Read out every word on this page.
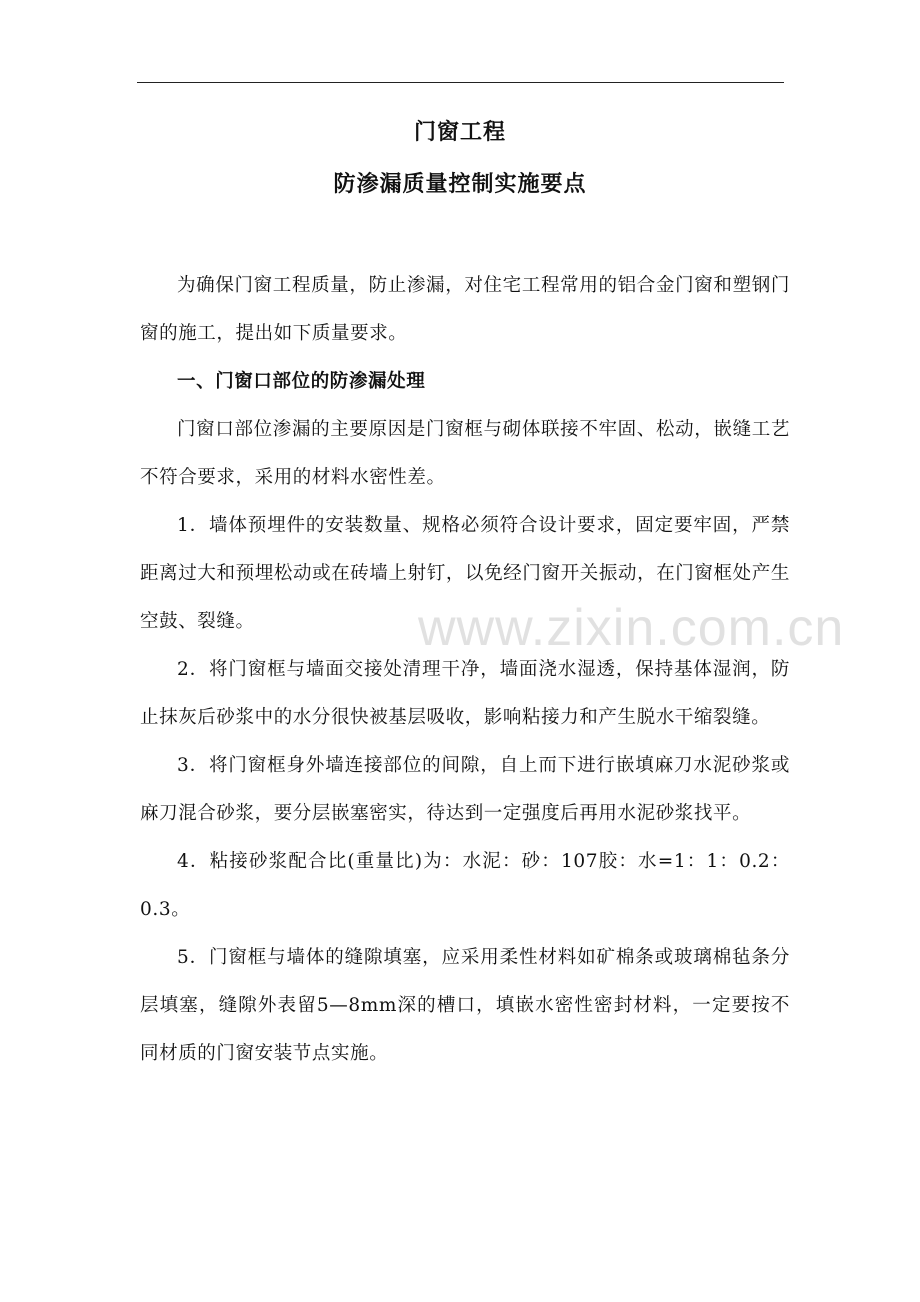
门窗工程
防渗漏质量控制实施要点

为确保门窗工程质量，防止渗漏，对住宅工程常用的铝合金门窗和塑钢门窗的施工，提出如下质量要求。

一、门窗口部位的防渗漏处理

门窗口部位渗漏的主要原因是门窗框与砌体联接不牢固、松动，嵌缝工艺不符合要求，采用的材料水密性差。

1．墙体预埋件的安装数量、规格必须符合设计要求，固定要牢固，严禁距离过大和预埋松动或在砖墙上射钉，以免经门窗开关振动，在门窗框处产生空鼓、裂缝。

2．将门窗框与墙面交接处清理干净，墙面浇水湿透，保持基体湿润，防止抹灰后砂浆中的水分很快被基层吸收，影响粘接力和产生脱水干缩裂缝。

3．将门窗框身外墙连接部位的间隙，自上而下进行嵌填麻刀水泥砂浆或麻刀混合砂浆，要分层嵌塞密实，待达到一定强度后再用水泥砂浆找平。

4．粘接砂浆配合比(重量比)为：水泥：砂：107胶：水=1：1：0.2：0.3。

5．门窗框与墙体的缝隙填塞，应采用柔性材料如矿棉条或玻璃棉毡条分层填塞，缝隙外表留5—8mm深的槽口，填嵌水密性密封材料，一定要按不同材质的门窗安装节点实施。

www.zixin.com.cn
